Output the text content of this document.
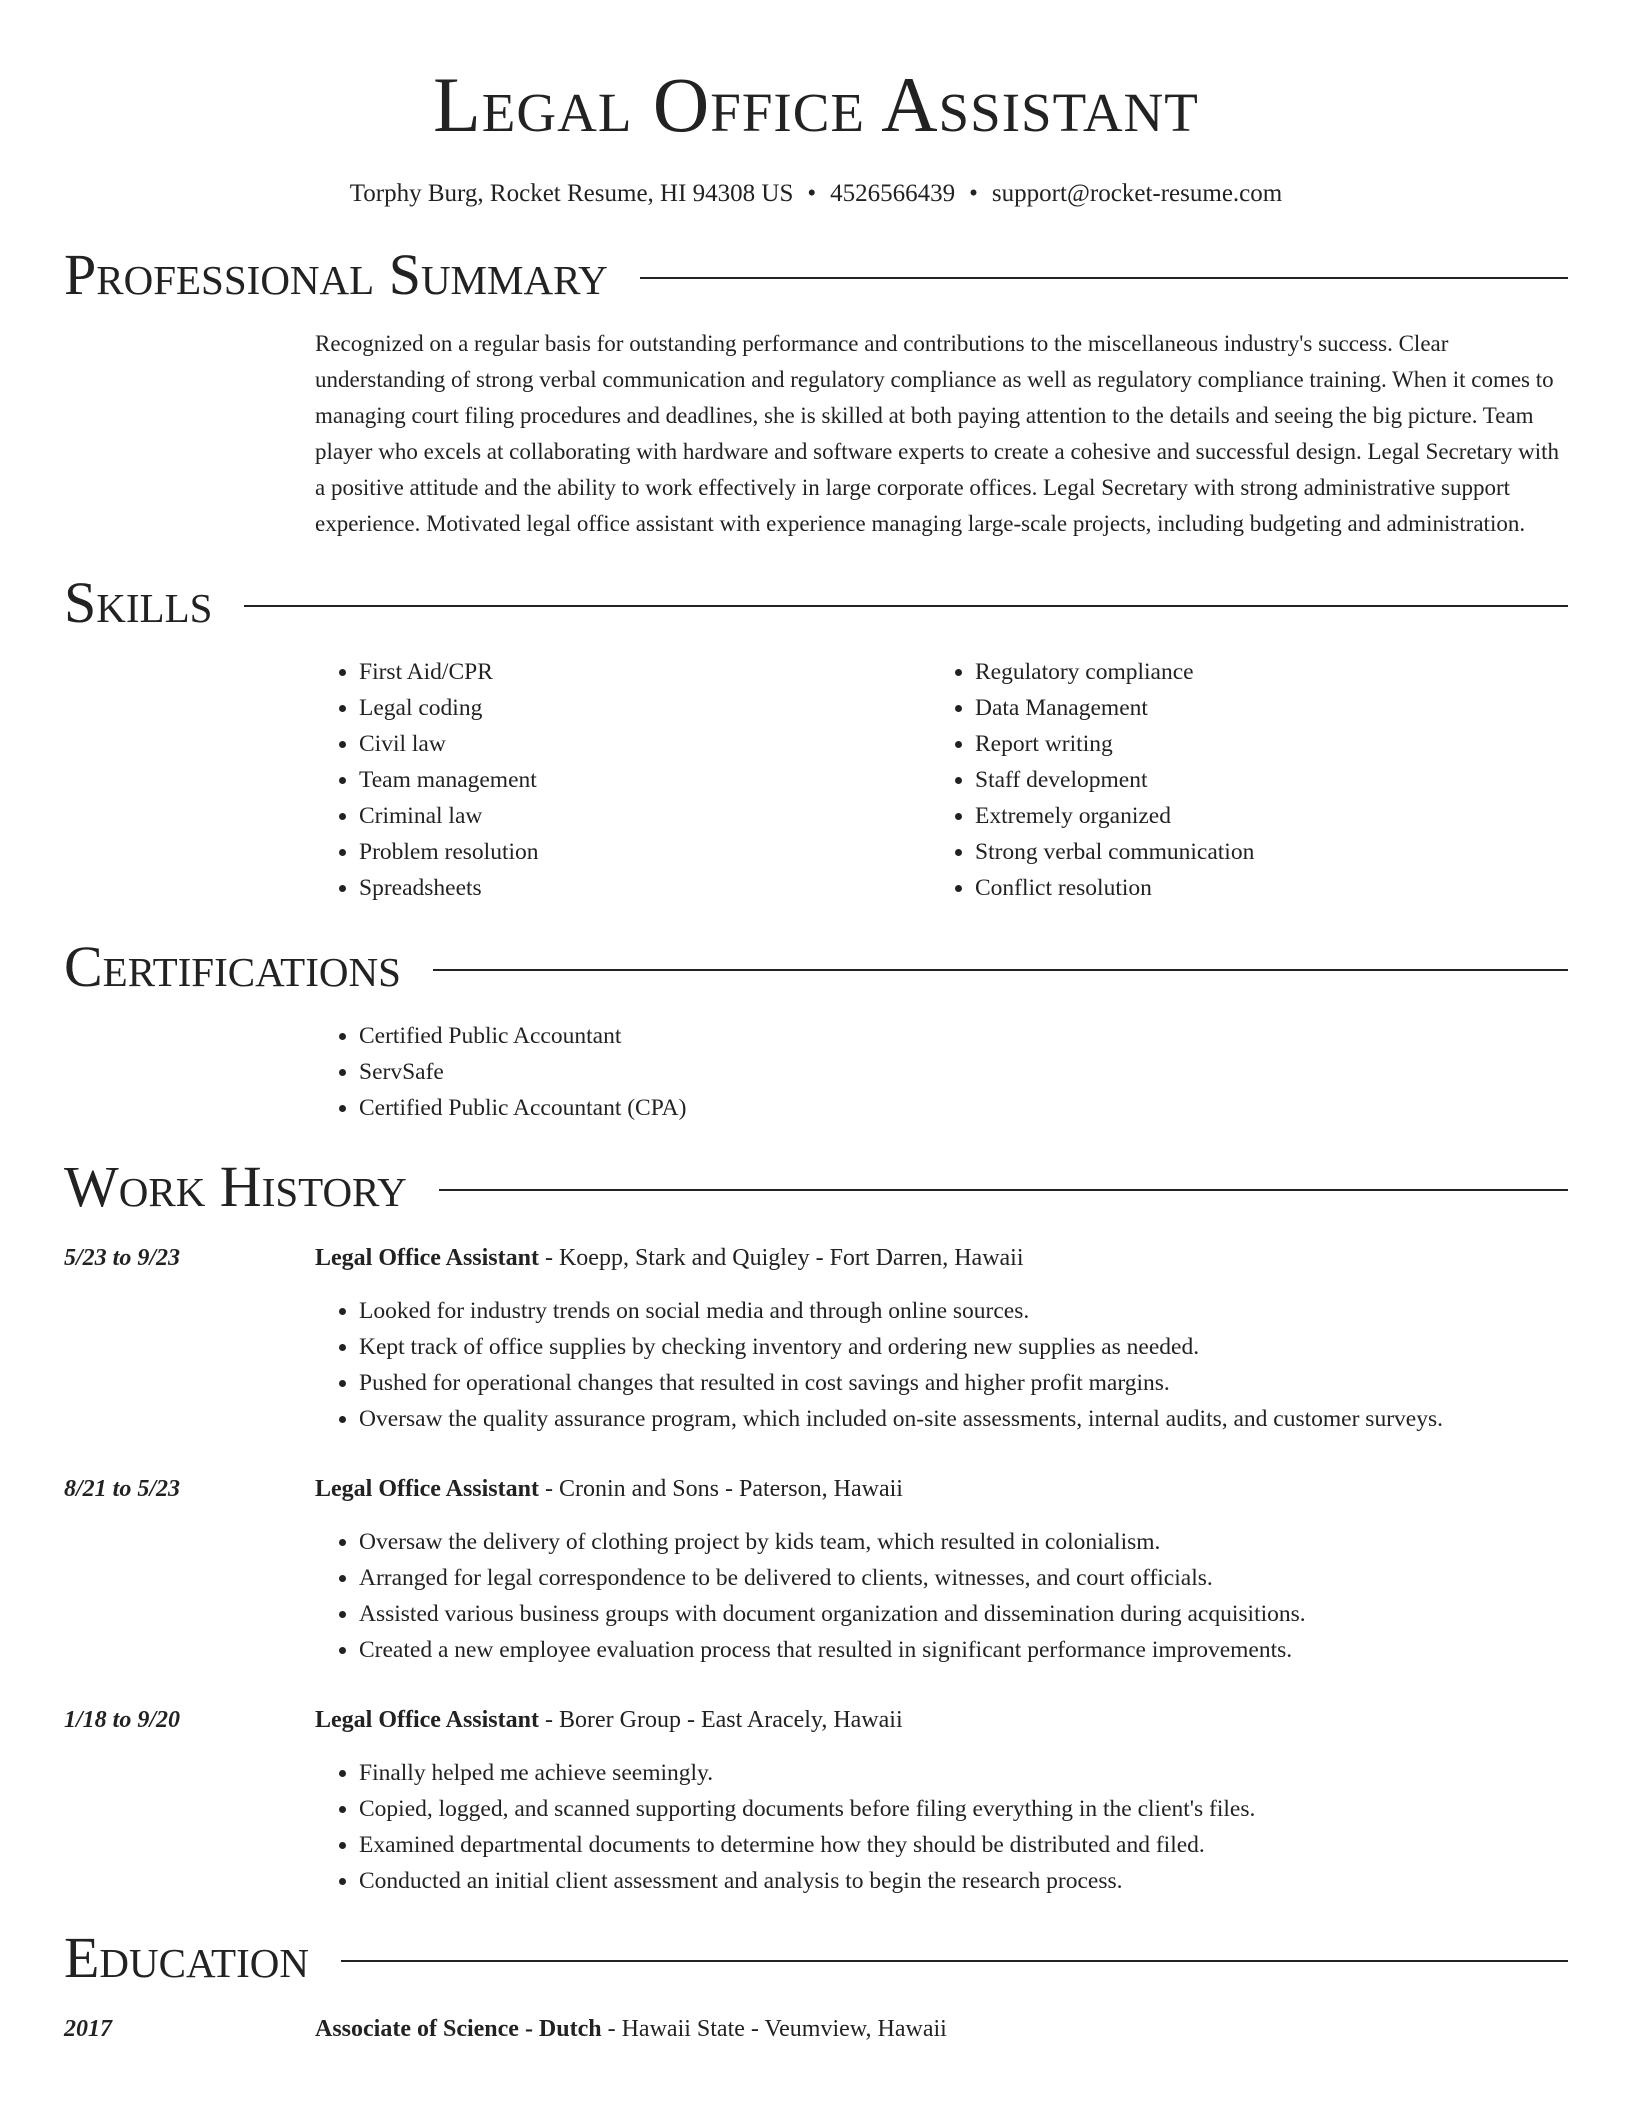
Legal Office Assistant
Torphy Burg, Rocket Resume, HI 94308 US • 4526566439 • support@rocket-resume.com
Professional Summary
Recognized on a regular basis for outstanding performance and contributions to the miscellaneous industry's success. Clear understanding of strong verbal communication and regulatory compliance as well as regulatory compliance training. When it comes to managing court filing procedures and deadlines, she is skilled at both paying attention to the details and seeing the big picture. Team player who excels at collaborating with hardware and software experts to create a cohesive and successful design. Legal Secretary with a positive attitude and the ability to work effectively in large corporate offices. Legal Secretary with strong administrative support experience. Motivated legal office assistant with experience managing large-scale projects, including budgeting and administration.
Skills
• First Aid/CPR
• Legal coding
• Civil law
• Team management
• Criminal law
• Problem resolution
• Spreadsheets
• Regulatory compliance
• Data Management
• Report writing
• Staff development
• Extremely organized
• Strong verbal communication
• Conflict resolution
Certifications
• Certified Public Accountant
• ServSafe
• Certified Public Accountant (CPA)
Work History
5/23 to 9/23	Legal Office Assistant - Koepp, Stark and Quigley - Fort Darren, Hawaii
• Looked for industry trends on social media and through online sources.
• Kept track of office supplies by checking inventory and ordering new supplies as needed.
• Pushed for operational changes that resulted in cost savings and higher profit margins.
• Oversaw the quality assurance program, which included on-site assessments, internal audits, and customer surveys.
8/21 to 5/23	Legal Office Assistant - Cronin and Sons - Paterson, Hawaii
• Oversaw the delivery of clothing project by kids team, which resulted in colonialism.
• Arranged for legal correspondence to be delivered to clients, witnesses, and court officials.
• Assisted various business groups with document organization and dissemination during acquisitions.
• Created a new employee evaluation process that resulted in significant performance improvements.
1/18 to 9/20	Legal Office Assistant - Borer Group - East Aracely, Hawaii
• Finally helped me achieve seemingly.
• Copied, logged, and scanned supporting documents before filing everything in the client's files.
• Examined departmental documents to determine how they should be distributed and filed.
• Conducted an initial client assessment and analysis to begin the research process.
Education
2017	Associate of Science - Dutch - Hawaii State - Veumview, Hawaii
